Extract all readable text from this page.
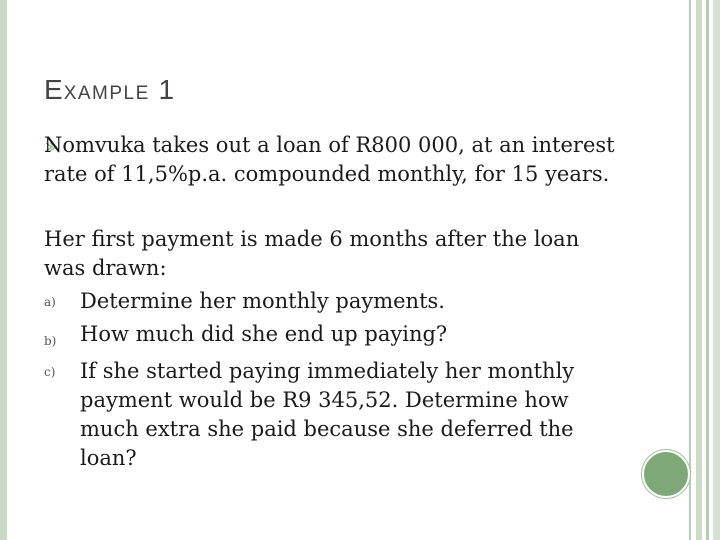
EXAMPLE 1

Nomvuka takes out a loan of R800 000, at an interest rate of 11,5%p.a. compounded monthly, for 15 years.

Her first payment is made 6 months after the loan was drawn:

a) Determine her monthly payments.

b) How much did she end up paying?

c) If she started paying immediately her monthly payment would be R9 345,52. Determine how much extra she paid because she deferred the loan?
